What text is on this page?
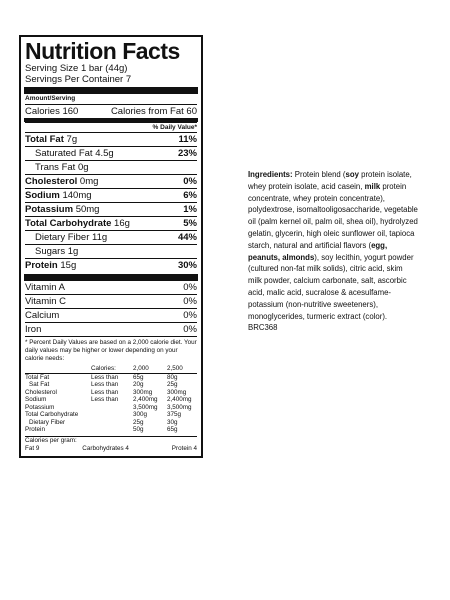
Nutrition Facts
Serving Size 1 bar (44g)
Servings Per Container 7
Amount/Serving
Calories 160	Calories from Fat 60
% Daily Value*
Total Fat 7g	11%
Saturated Fat 4.5g	23%
Trans Fat 0g
Cholesterol 0mg	0%
Sodium 140mg	6%
Potassium 50mg	1%
Total Carbohydrate 16g	5%
Dietary Fiber 11g	44%
Sugars 1g
Protein 15g	30%
Vitamin A	0%
Vitamin C	0%
Calcium	0%
Iron	0%
* Percent Daily Values are based on a 2,000 calorie diet. Your daily values may be higher or lower depending on your calorie needs:
	Calories:	2,000	2,500
Total Fat	Less than	65g	80g
Sat Fat	Less than	20g	25g
Cholesterol	Less than	300mg	300mg
Sodium	Less than	2,400mg	2,400mg
Potassium		3,500mg	3,500mg
Total Carbohydrate		300g	375g
Dietary Fiber		25g	30g
Protein		50g	65g
Calories per gram:
Fat 9	Carbohydrates 4	Protein 4
Ingredients: Protein blend (soy protein isolate, whey protein isolate, acid casein, milk protein concentrate, whey protein concentrate), polydextrose, isomaltooligosaccharide, vegetable oil (palm kernel oil, palm oil, shea oil), hydrolyzed gelatin, glycerin, high oleic sunflower oil, tapioca starch, natural and artificial flavors (egg, peanuts, almonds), soy lecithin, yogurt powder (cultured non-fat milk solids), citric acid, skim milk powder, calcium carbonate, salt, ascorbic acid, malic acid, sucralose & acesulfame-potassium (non-nutritive sweeteners), monoglycerides, turmeric extract (color).
BRC368
